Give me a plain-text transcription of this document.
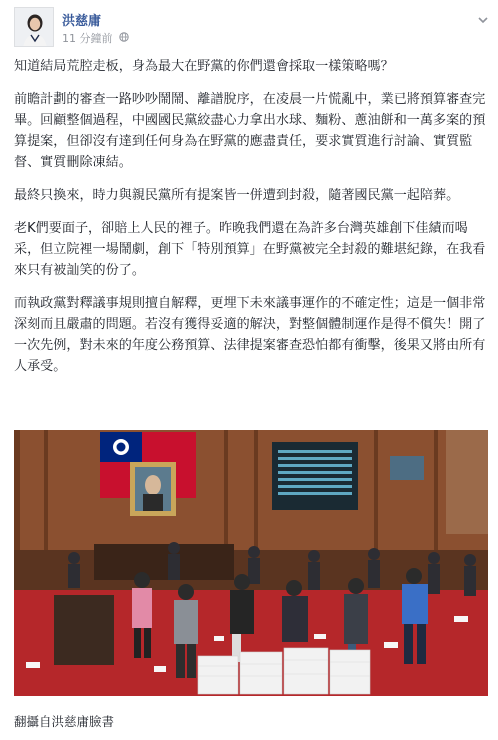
洪慈庸
11 分鐘前

知道結局荒腔走板，身為最大在野黨的你們還會採取一樣策略嗎？

前瞻計劃的審查一路吵吵鬧鬧、離譜脫序，在凌晨一片慌亂中，業已將預算審查完畢。回顧整個過程，中國國民黨絞盡心力拿出水球、麵粉、蔥油餅和一萬多案的預算提案，但卻沒有達到任何身為在野黨的應盡責任，要求實質進行討論、實質監督、實質刪除凍結。

最終只換來，時力與親民黨所有提案皆一併遭到封殺，隨著國民黨一起陪葬。

老K們要面子，卻賠上人民的裡子。昨晚我們還在為許多台灣英雄創下佳績而喝采，但立院裡一場鬧劇，創下「特別預算」在野黨被完全封殺的難堪紀錄，在我看來只有被訕笑的份了。

而執政黨對釋議事規則擅自解釋，更埋下未來議事運作的不確定性；這是一個非常深刻而且嚴肅的問題。若沒有獲得妥適的解決，對整個體制運作是得不償失！開了一次先例，對未來的年度公務預算、法律提案審查恐怕都有衝擊，後果又將由所有人承受。

翻攝自洪慈庸臉書
